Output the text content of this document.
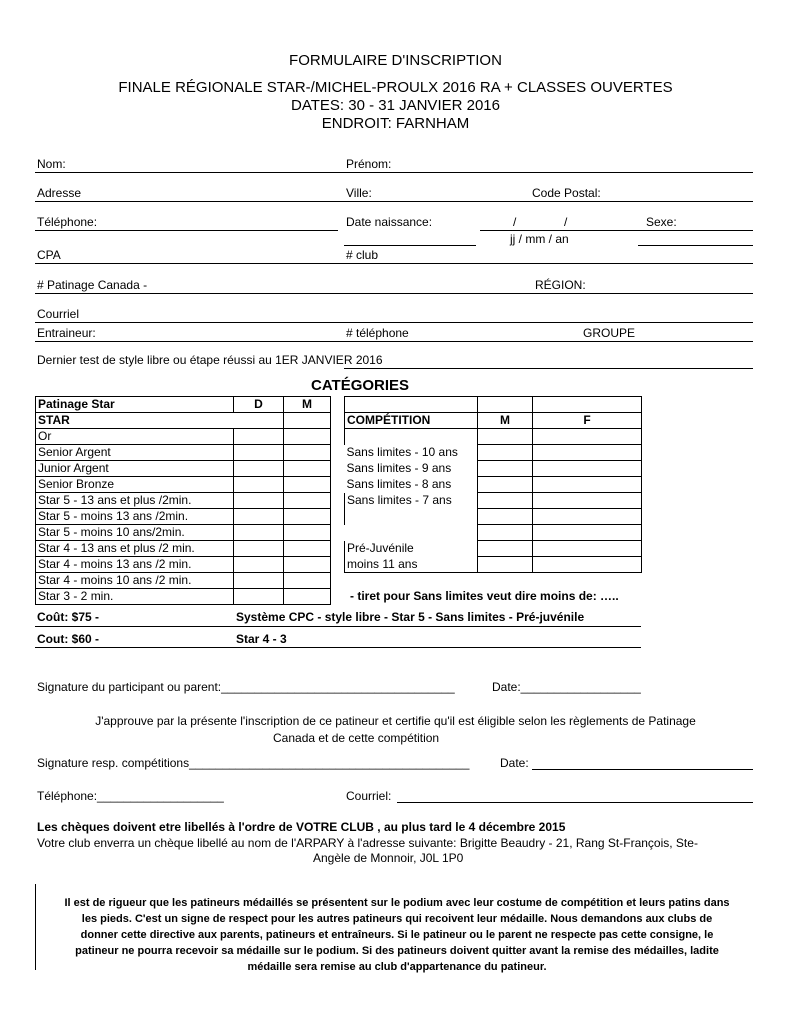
FORMULAIRE D'INSCRIPTION
FINALE RÉGIONALE STAR-/MICHEL-PROULX 2016 RA + CLASSES OUVERTES
DATES: 30 - 31 JANVIER 2016
ENDROIT: FARNHAM
Nom:	Prénom:
Adresse	Ville:	Code Postal:
Téléphone:	Date naissance:	/	/	Sexe:
jj / mm / an
CPA	# club
# Patinage Canada -	RÉGION:
Courriel
Entraineur:	# téléphone	GROUPE
Dernier test de style libre ou étape réussi au 1ER JANVIER 2016
CATÉGORIES
Patinage Star	D	M
STAR		
Or		
Senior Argent		
Junior Argent		
Senior Bronze		
Star 5 - 13 ans et plus /2min.		
Star 5 - moins 13 ans /2min.		
Star 5 - moins 10 ans/2min.		
Star 4 - 13 ans et plus /2 min.		
Star 4 - moins 13 ans /2 min.		
Star 4 - moins 10 ans /2 min.		
Star 3 - 2 min.		

COMPÉTITION	M	F

Sans limites - 10 ans		
Sans limites - 9 ans		
Sans limites - 8 ans		
Sans limites - 7 ans		

Pré-Juvénile		
moins 11 ans		
- tiret pour Sans limites veut dire moins de: …..
Coût: $75 -	Système CPC - style libre - Star 5 - Sans limites - Pré-juvénile
Cout: $60 -	Star 4 - 3
Signature du participant ou parent:___________________________________	Date:__________________
J'approuve par la présente l'inscription de ce patineur et certifie qu'il est éligible selon les règlements de Patinage
Canada et de cette compétition
Signature resp. compétitions__________________________________________	Date:
Téléphone:___________________	Courriel:
Les chèques doivent etre libellés à l'ordre de VOTRE CLUB , au plus tard le 4 décembre 2015
Votre club enverra un chèque libellé au nom de l'ARPARY à l'adresse suivante: Brigitte Beaudry - 21, Rang St-François, Ste-
Angèle de Monnoir, J0L 1P0
Il est de rigueur que les patineurs médaillés se présentent sur le podium avec leur costume de compétition et leurs patins dans
les pieds. C'est un signe de respect pour les autres patineurs qui recoivent leur médaille. Nous demandons aux clubs de
donner cette directive aux parents, patineurs et entraîneurs. Si le patineur ou le parent ne respecte pas cette consigne, le
patineur ne pourra recevoir sa médaille sur le podium. Si des patineurs doivent quitter avant la remise des médailles, ladite
médaille sera remise au club d'appartenance du patineur.
